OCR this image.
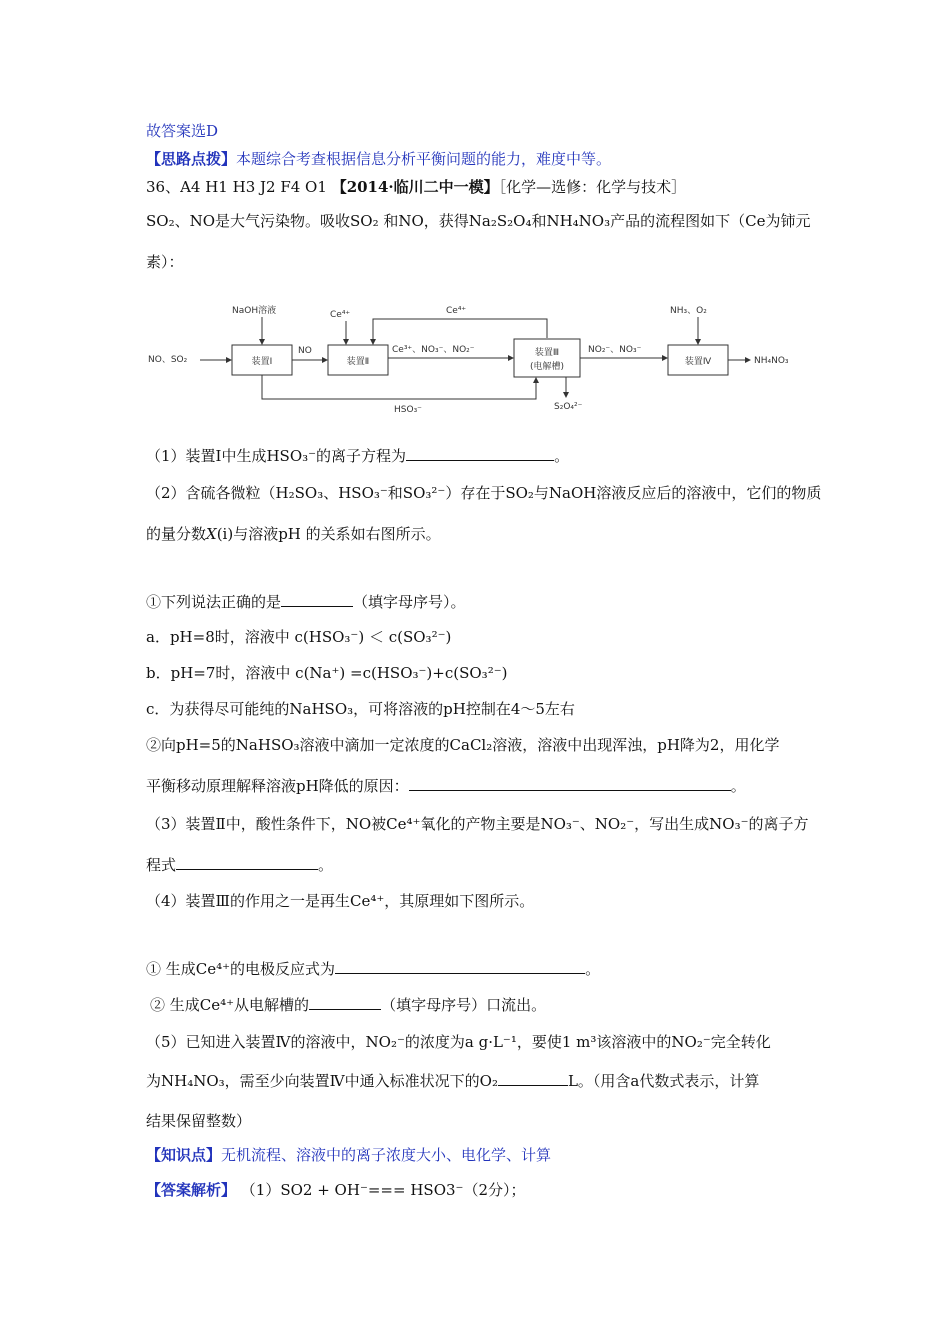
故答案选D
【思路点拨】本题综合考查根据信息分析平衡问题的能力，难度中等。
36、A4 H1 H3 J2 F4 O1 【2014·临川二中一模】［化学—选修：化学与技术］
SO₂、NO是大气污染物。吸收SO₂ 和NO，获得Na₂S₂O₄和NH₄NO₃产品的流程图如下（Ce为铈元
素）：
装置Ⅰ	装置Ⅱ
装置Ⅲ
(电解槽)	装置Ⅳ
NO、SO₂
NaOH溶液
NO
Ce⁴⁺	Ce⁴⁺
Ce³⁺、NO₃⁻、NO₂⁻	NO₂⁻、NO₃⁻
NH₃、O₂
NH₄NO₃
HSO₃⁻	S₂O₄²⁻
（1）装置Ⅰ中生成HSO₃⁻的离子方程为	。
（2）含硫各微粒（H₂SO₃、HSO₃⁻和SO₃²⁻）存在于SO₂与NaOH溶液反应后的溶液中，它们的物质
的量分数X(i)与溶液pH 的关系如右图所示。
①下列说法正确的是	（填字母序号）。
a．pH=8时，溶液中 c(HSO₃⁻) ＜ c(SO₃²⁻)
b．pH=7时，溶液中 c(Na⁺) =c(HSO₃⁻)+c(SO₃²⁻)
c．为获得尽可能纯的NaHSO₃，可将溶液的pH控制在4～5左右
②向pH=5的NaHSO₃溶液中滴加一定浓度的CaCl₂溶液，溶液中出现浑浊，pH降为2，用化学
平衡移动原理解释溶液pH降低的原因：	。
（3）装置Ⅱ中，酸性条件下，NO被Ce⁴⁺氧化的产物主要是NO₃⁻、NO₂⁻，写出生成NO₃⁻的离子方
程式	。
（4）装置Ⅲ的作用之一是再生Ce⁴⁺，其原理如下图所示。
① 生成Ce⁴⁺的电极反应式为	。
② 生成Ce⁴⁺从电解槽的	（填字母序号）口流出。
（5）已知进入装置Ⅳ的溶液中，NO₂⁻的浓度为a g·L⁻¹，要使1 m³该溶液中的NO₂⁻完全转化
为NH₄NO₃，需至少向装置Ⅳ中通入标准状况下的O₂	L。（用含a代数式表示，计算
结果保留整数）
【知识点】无机流程、溶液中的离子浓度大小、电化学、计算
【答案解析】 （1）SO2 + OH⁻=== HSO3⁻（2分）；
